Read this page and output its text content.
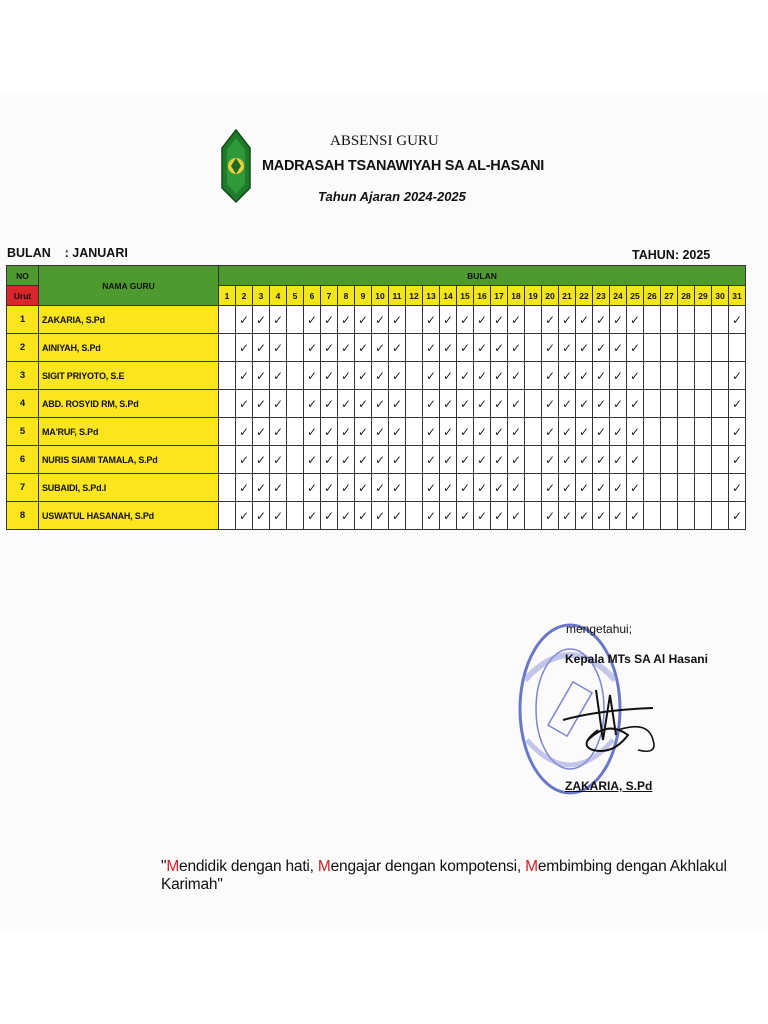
ABSENSI GURU
MADRASAH TSANAWIYAH SA AL-HASANI
Tahun Ajaran 2024-2025
BULAN    : JANUARI	TAHUN: 2025
NO	NAMA GURU	BULAN																														
Urut		1	2	3	4	5	6	7	8	9	10	11	12	13	14	15	16	17	18	19	20	21	22	23	24	25	26	27	28	29	30	31
1	ZAKARIA, S.Pd		✓	✓	✓		✓	✓	✓	✓	✓	✓		✓	✓	✓	✓	✓	✓		✓	✓	✓	✓	✓	✓						✓
2	AINIYAH, S.Pd		✓	✓	✓		✓	✓	✓	✓	✓	✓		✓	✓	✓	✓	✓	✓		✓	✓	✓	✓	✓	✓						
3	SIGIT PRIYOTO, S.E		✓	✓	✓		✓	✓	✓	✓	✓	✓		✓	✓	✓	✓	✓	✓		✓	✓	✓	✓	✓	✓						✓
4	ABD. ROSYID RM, S.Pd		✓	✓	✓		✓	✓	✓	✓	✓	✓		✓	✓	✓	✓	✓	✓		✓	✓	✓	✓	✓	✓						✓
5	MA'RUF, S.Pd		✓	✓	✓		✓	✓	✓	✓	✓	✓		✓	✓	✓	✓	✓	✓		✓	✓	✓	✓	✓	✓						✓
6	NURIS SIAMI TAMALA, S.Pd		✓	✓	✓		✓	✓	✓	✓	✓	✓		✓	✓	✓	✓	✓	✓		✓	✓	✓	✓	✓	✓						✓
7	SUBAIDI, S.Pd.I		✓	✓	✓		✓	✓	✓	✓	✓	✓		✓	✓	✓	✓	✓	✓		✓	✓	✓	✓	✓	✓						✓
8	USWATUL HASANAH, S.Pd		✓	✓	✓		✓	✓	✓	✓	✓	✓		✓	✓	✓	✓	✓	✓		✓	✓	✓	✓	✓	✓						✓
mengetahui;
Kepala MTs SA Al Hasani
ZAKARIA, S.Pd
"Mendidik dengan hati, Mengajar dengan kompotensi, Membimbing dengan Akhlakul Karimah"
